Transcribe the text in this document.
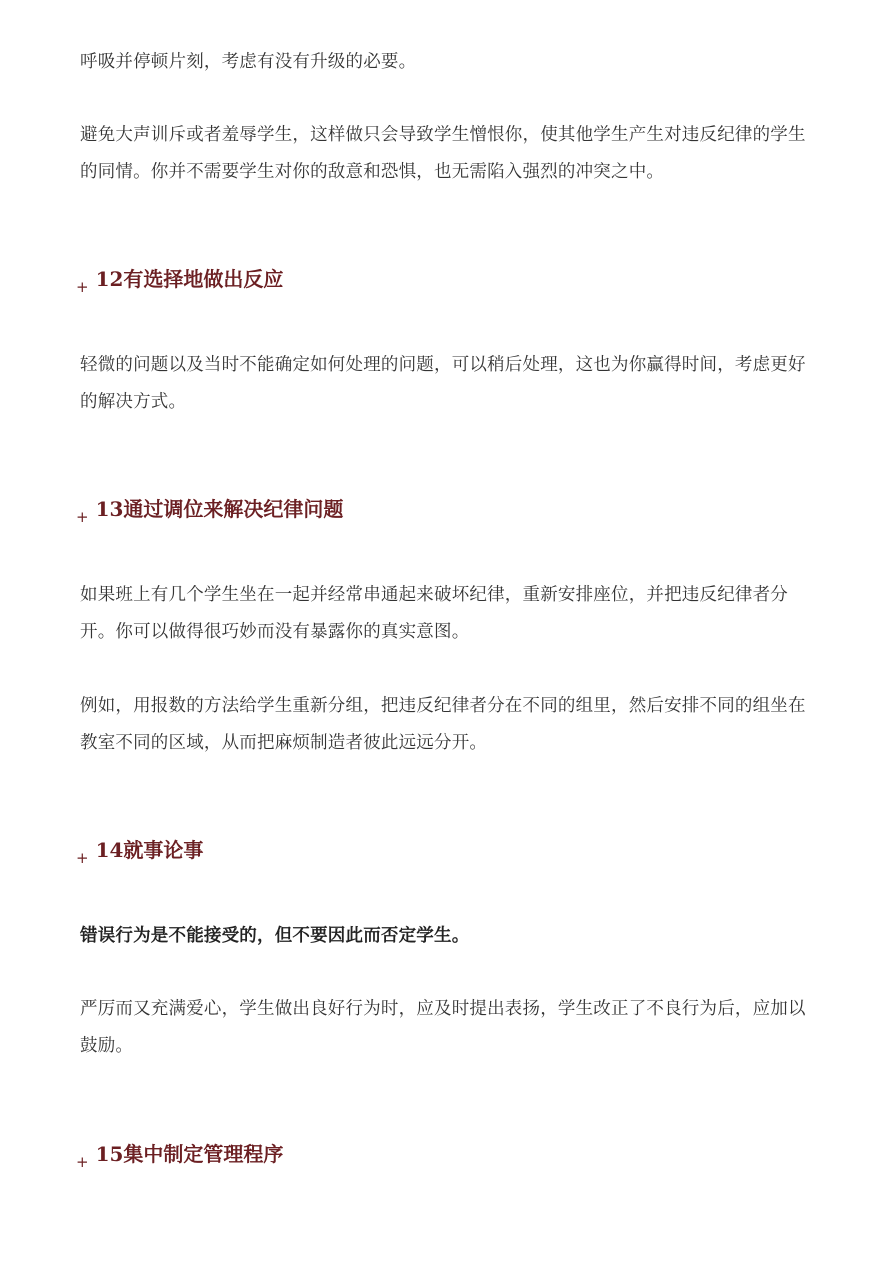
呼吸并停顿片刻，考虑有没有升级的必要。

避免大声训斥或者羞辱学生，这样做只会导致学生憎恨你，使其他学生产生对违反纪律的学生的同情。你并不需要学生对你的敌意和恐惧，也无需陷入强烈的冲突之中。

+ 12有选择地做出反应

轻微的问题以及当时不能确定如何处理的问题，可以稍后处理，这也为你赢得时间，考虑更好的解决方式。

+ 13通过调位来解决纪律问题

如果班上有几个学生坐在一起并经常串通起来破坏纪律，重新安排座位，并把违反纪律者分开。你可以做得很巧妙而没有暴露你的真实意图。

例如，用报数的方法给学生重新分组，把违反纪律者分在不同的组里，然后安排不同的组坐在教室不同的区域，从而把麻烦制造者彼此远远分开。

+ 14就事论事

错误行为是不能接受的，但不要因此而否定学生。

严厉而又充满爱心，学生做出良好行为时，应及时提出表扬，学生改正了不良行为后，应加以鼓励。

+ 15集中制定管理程序
